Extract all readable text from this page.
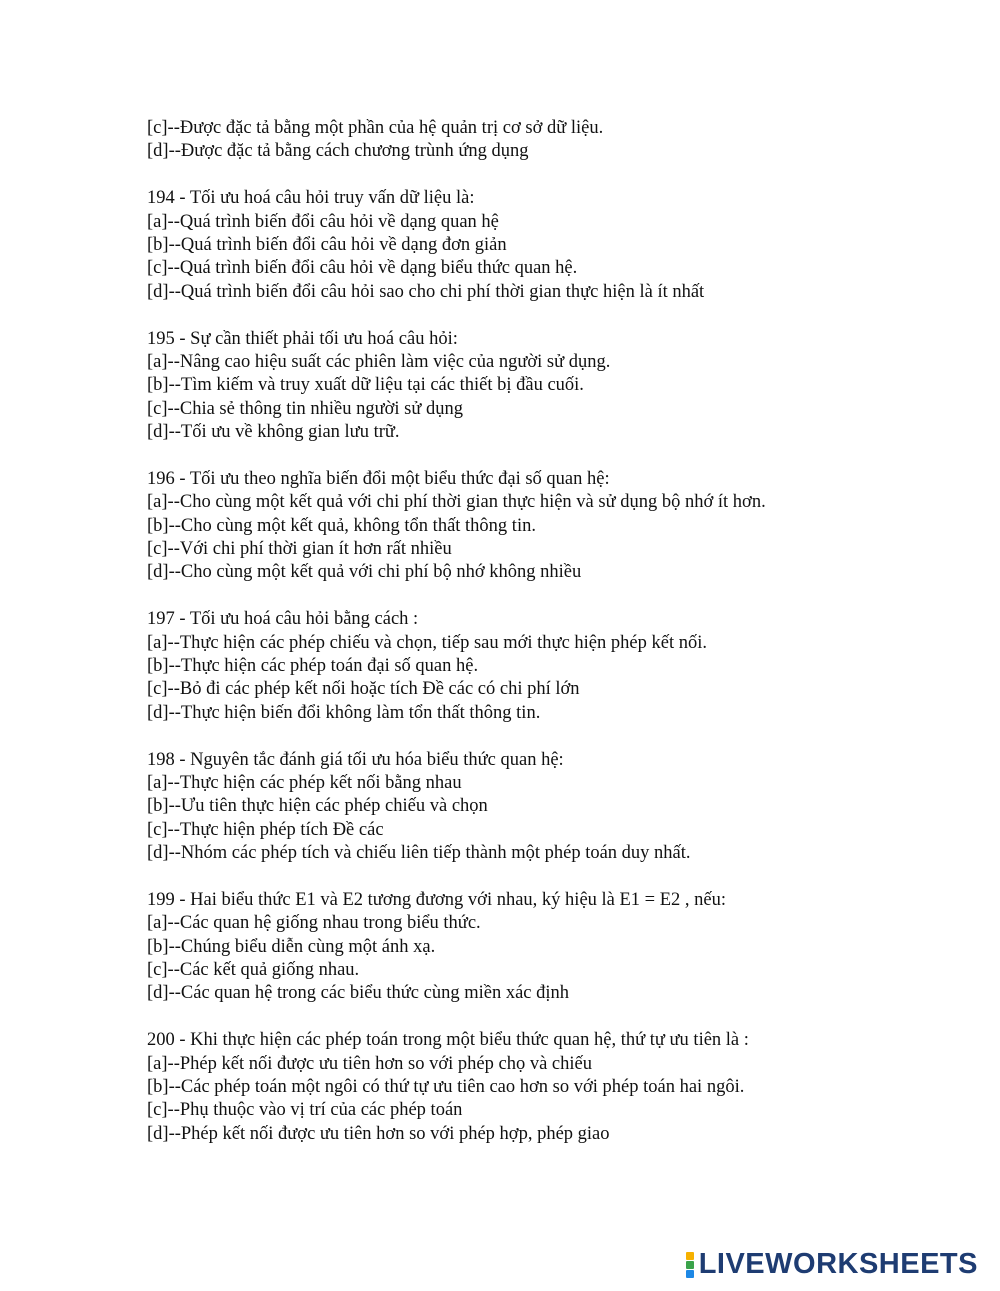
[c]--Được đặc tả bằng một phần của hệ quản trị cơ sở dữ liệu.
[d]--Được đặc tả bằng cách chương trùnh ứng dụng
194 - Tối ưu hoá câu hỏi truy vấn dữ liệu là:
[a]--Quá trình biến đổi câu hỏi về dạng quan hệ
[b]--Quá trình biến đổi câu hỏi về dạng đơn giản
[c]--Quá trình biến đổi câu hỏi về dạng biểu thức quan hệ.
[d]--Quá trình biến đổi câu hỏi sao cho chi phí thời gian thực hiện là ít nhất
195 - Sự cần thiết phải tối ưu hoá câu hỏi:
[a]--Nâng cao hiệu suất các phiên làm việc của người sử dụng.
[b]--Tìm kiếm và truy xuất dữ liệu tại các thiết bị đầu cuối.
[c]--Chia sẻ thông tin nhiều người sử dụng
[d]--Tối ưu về không gian lưu trữ.
196 - Tối ưu theo nghĩa biến đổi một biểu thức đại số quan hệ:
[a]--Cho cùng một kết quả với chi phí thời gian thực hiện và sử dụng bộ nhớ ít hơn.
[b]--Cho cùng một kết quả, không tổn thất thông tin.
[c]--Với chi phí thời gian ít hơn rất nhiều
[d]--Cho cùng một kết quả với chi phí bộ nhớ không nhiều
197 - Tối ưu hoá câu hỏi bằng cách :
[a]--Thực hiện các phép chiếu và chọn, tiếp sau mới thực hiện phép kết nối.
[b]--Thực hiện các phép toán đại số quan hệ.
[c]--Bỏ đi các phép kết nối hoặc tích Đề các có chi phí lớn
[d]--Thực hiện biến đổi không làm tổn thất thông tin.
198 - Nguyên tắc đánh giá tối ưu hóa biểu thức quan hệ:
[a]--Thực hiện các phép kết nối bằng nhau
[b]--Ưu tiên thực hiện các phép chiếu và chọn
[c]--Thực hiện phép tích Đề các
[d]--Nhóm các phép tích và chiếu liên tiếp thành một phép toán duy nhất.
199 - Hai biểu thức E1 và E2 tương đương với nhau, ký hiệu là E1 = E2 , nếu:
[a]--Các quan hệ giống nhau trong biểu thức.
[b]--Chúng biểu diễn cùng một ánh xạ.
[c]--Các kết quả giống nhau.
[d]--Các quan hệ trong các biểu thức cùng miền xác định
200 - Khi thực hiện các phép toán trong một biểu thức quan hệ, thứ tự ưu tiên là :
[a]--Phép kết nối được ưu tiên hơn so với phép chọ và chiếu
[b]--Các phép toán một ngôi có thứ tự ưu tiên cao hơn so với phép toán hai ngôi.
[c]--Phụ thuộc vào vị trí của các phép toán
[d]--Phép kết nối được ưu tiên hơn so với phép hợp, phép giao
LIVEWORKSHEETS
